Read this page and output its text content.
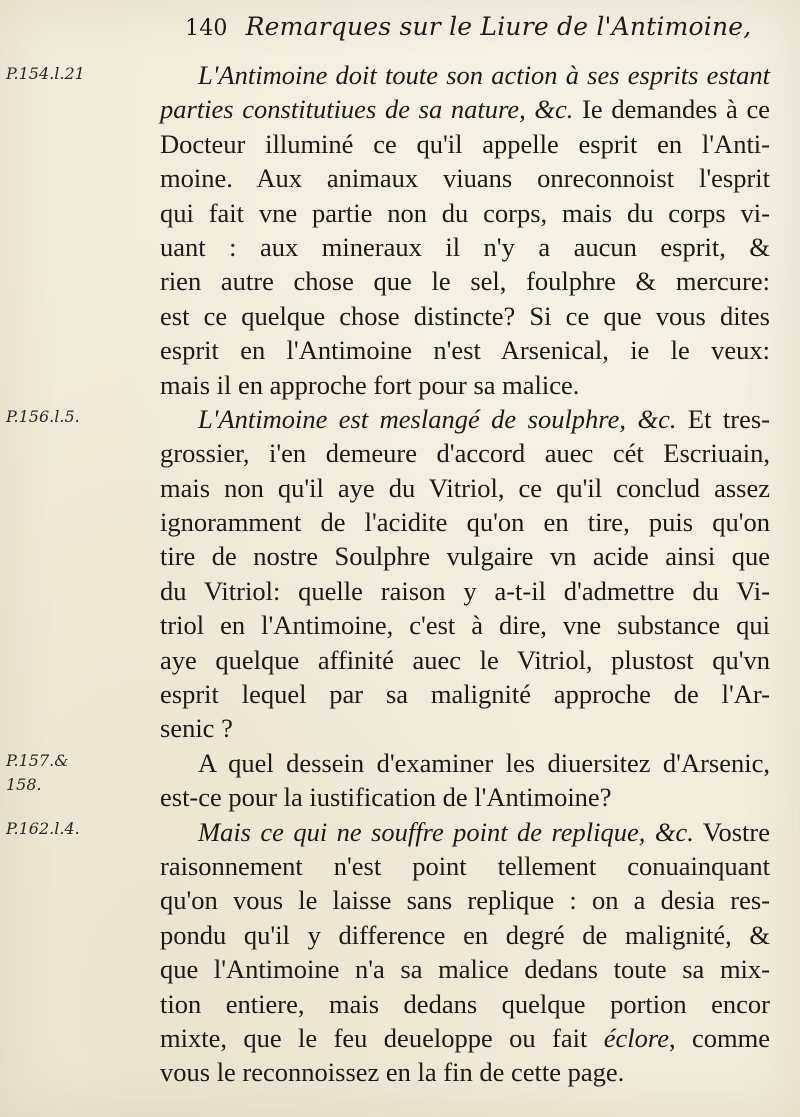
140 Remarques sur le Liure de l'Antimoine,
P.154.l.21
P.156.l.5.
P.157.&
158.
P.162.l.4.
L'Antimoine doit toute son action à ses esprits estant
parties constitutiues de sa nature, &c. Ie demandes à ce
Docteur illuminé ce qu'il appelle esprit en l'Anti-
moine. Aux animaux viuans onreconnoist l'esprit
qui fait vne partie non du corps, mais du corps vi-
uant : aux mineraux il n'y a aucun esprit, &
rien autre chose que le sel, foulphre & mercure:
est ce quelque chose distincte? Si ce que vous dites
esprit en l'Antimoine n'est Arsenical, ie le veux:
mais il en approche fort pour sa malice.
L'Antimoine est meslangé de soulphre, &c. Et tres-
grossier, i'en demeure d'accord auec cét Escriuain,
mais non qu'il aye du Vitriol, ce qu'il conclud assez
ignoramment de l'acidite qu'on en tire, puis qu'on
tire de nostre Soulphre vulgaire vn acide ainsi que
du Vitriol: quelle raison y a-t-il d'admettre du Vi-
triol en l'Antimoine, c'est à dire, vne substance qui
aye quelque affinité auec le Vitriol, plustost qu'vn
esprit lequel par sa malignité approche de l'Ar-
senic ?
A quel dessein d'examiner les diuersitez d'Arsenic,
est-ce pour la iustification de l'Antimoine?
Mais ce qui ne souffre point de replique, &c. Vostre
raisonnement n'est point tellement conuainquant
qu'on vous le laisse sans replique : on a desia res-
pondu qu'il y difference en degré de malignité, &
que l'Antimoine n'a sa malice dedans toute sa mix-
tion entiere, mais dedans quelque portion encor
mixte, que le feu deueloppe ou fait éclore, comme
vous le reconnoissez en la fin de cette page.
